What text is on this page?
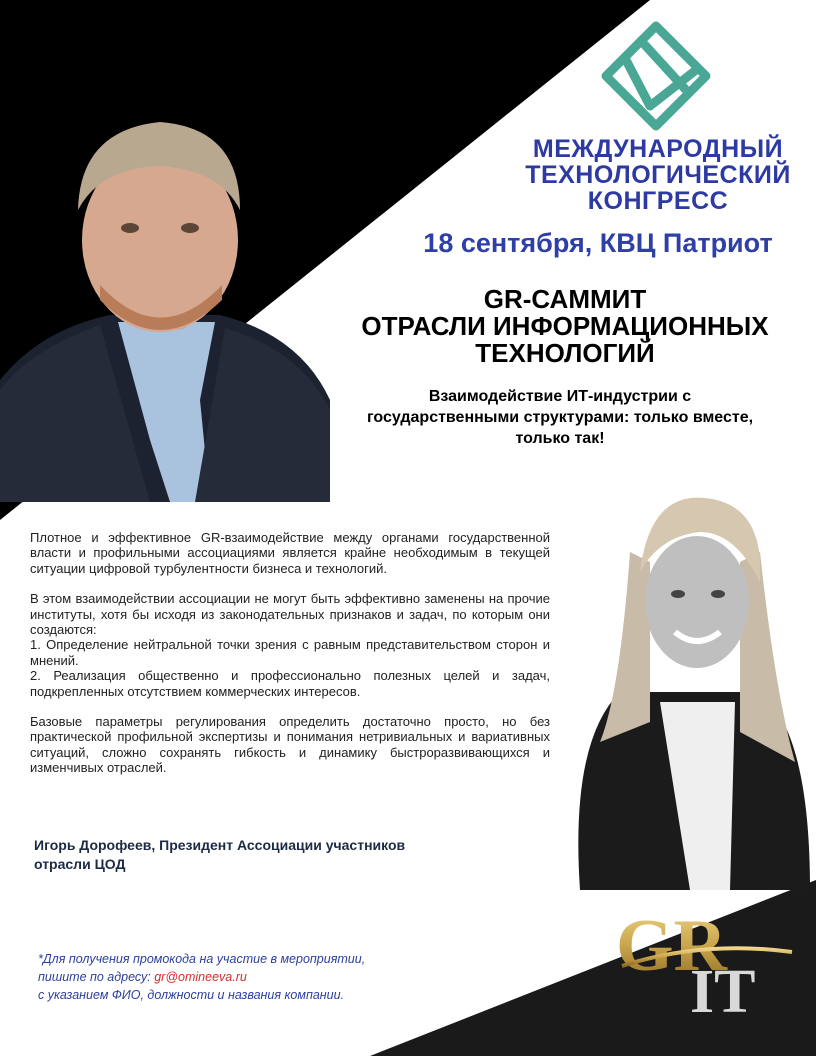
МЕЖДУНАРОДНЫЙ
ТЕХНОЛОГИЧЕСКИЙ
КОНГРЕСС
18 сентября, КВЦ Патриот
GR-САММИТ
ОТРАСЛИ ИНФОРМАЦИОННЫХ
ТЕХНОЛОГИЙ
Взаимодействие ИТ-индустрии с государственными структурами: только вместе, только так!

Плотное и эффективное GR-взаимодействие между органами государственной власти и профильными ассоциациями является крайне необходимым в текущей ситуации цифровой турбулентности бизнеса и технологий.

В этом взаимодействии ассоциации не могут быть эффективно заменены на прочие институты, хотя бы исходя из законодательных признаков и задач, по которым они создаются:

1. Определение нейтральной точки зрения с равным представительством сторон и мнений.

2. Реализация общественно и профессионально полезных целей и задач, подкрепленных отсутствием коммерческих интересов.

Базовые параметры регулирования определить достаточно просто, но без практической профильной экспертизы и понимания нетривиальных и вариативных ситуаций, сложно сохранять гибкость и динамику быстроразвивающихся и изменчивых отраслей.

Игорь Дорофеев, Президент Ассоциации участников
отрасли ЦОД
*Для получения промокода на участие в мероприятии,
пишите по адресу: gr@omineeva.ru
с указанием ФИО, должности и названия компании.
GR
IT
